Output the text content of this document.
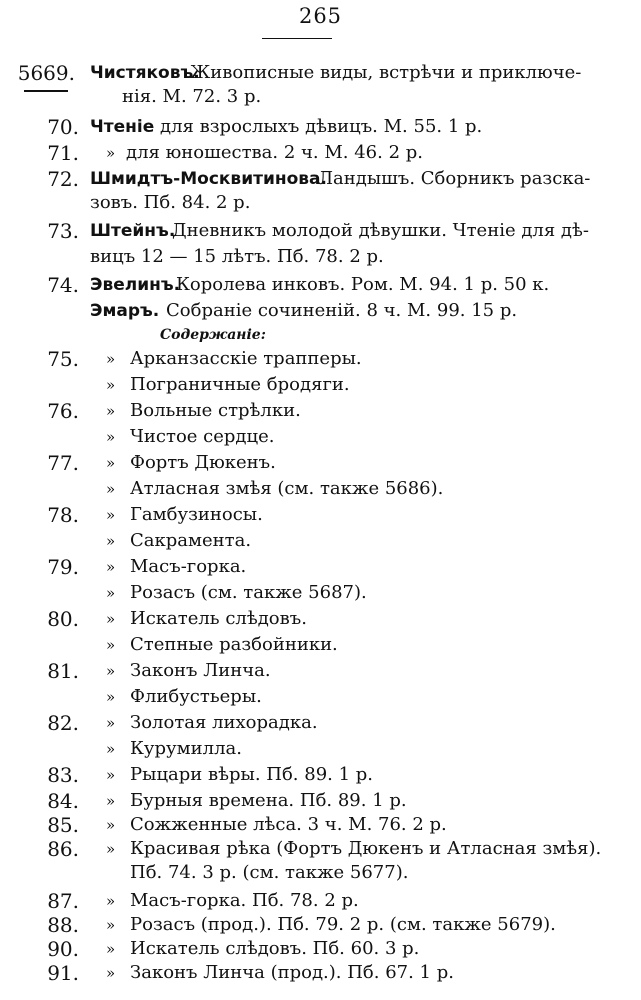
265
5669. Чистяковъ.
Живописные виды, встрѣчи и приключе-
нія. М. 72. 3 р.
70. Чтеніе для взрослыхъ дѣвицъ. М. 55. 1 р.
71. » для юношества. 2 ч. М. 46. 2 р.
72. Шмидтъ-Москвитинова.
Ландышъ. Сборникъ разска-
зовъ. Пб. 84. 2 р.
73. Штейнъ.
Дневникъ молодой дѣвушки. Чтеніе для дѣ-
вицъ 12 — 15 лѣтъ. Пб. 78. 2 р.
74. Эвелинъ.
Королева инковъ. Ром. М. 94. 1 р. 50 к.
Эмаръ. Собраніе сочиненій. 8 ч. М. 99. 15 р.
Содержаніе:
75. » Арканзасскіе трапперы.
» Пограничные бродяги.
76. » Вольные стрѣлки.
» Чистое сердце.
77. » Фортъ Дюкенъ.
» Атласная змѣя (см. также 5686).
78. » Гамбузиносы.
» Сакрамента.
79. » Масъ-горка.
» Розасъ (см. также 5687).
80. » Искатель слѣдовъ.
» Степные разбойники.
81. » Законъ Линча.
» Флибустьеры.
82. » Золотая лихорадка.
» Курумилла.
83. » Рыцари вѣры. Пб. 89. 1 р.
84. » Бурныя времена. Пб. 89. 1 р.
85. » Сожженные лѣса. 3 ч. М. 76. 2 р.
86. » Красивая рѣка (Фортъ Дюкенъ и Атласная змѣя).
Пб. 74. 3 р. (см. также 5677).
87. » Масъ-горка. Пб. 78. 2 р.
88. » Розасъ (прод.). Пб. 79. 2 р. (см. также 5679).
90. » Искатель слѣдовъ. Пб. 60. 3 р.
91. » Законъ Линча (прод.). Пб. 67. 1 р.
